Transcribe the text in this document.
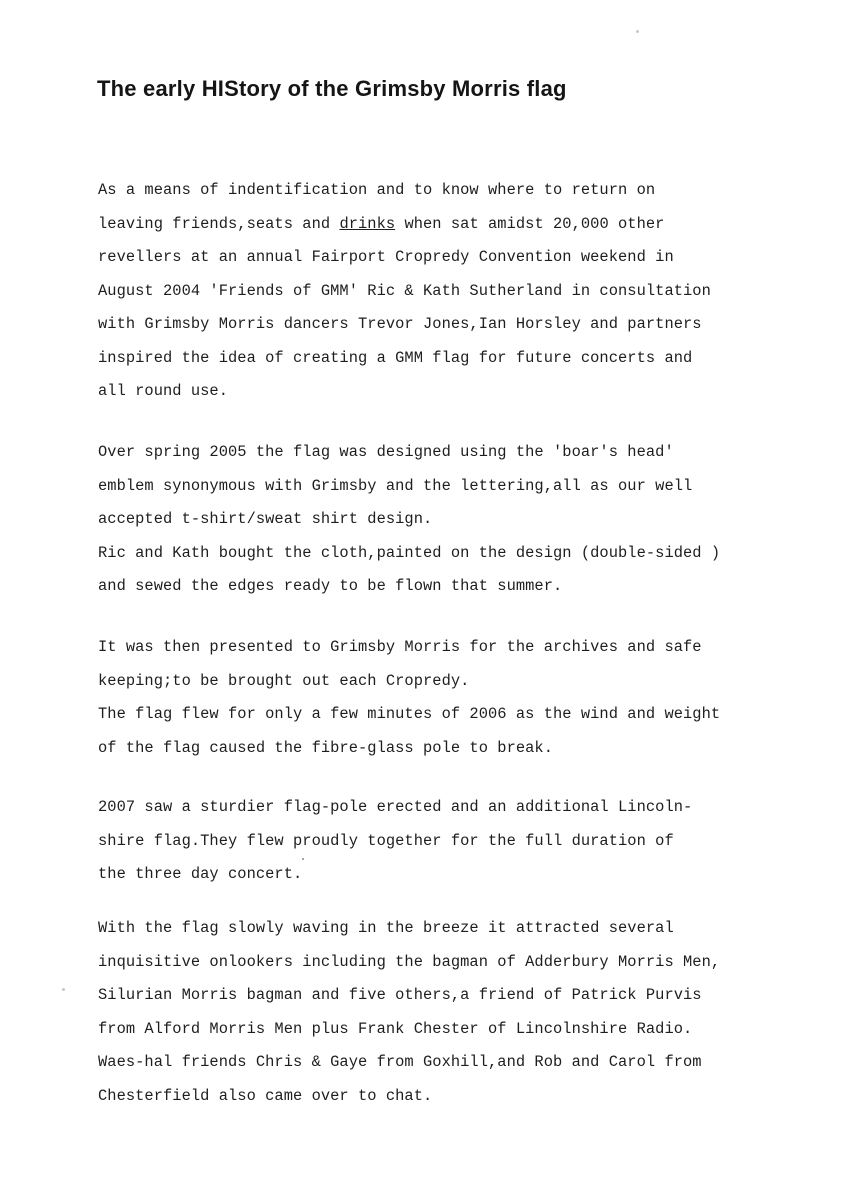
The early HIStory of the Grimsby Morris flag
As a means of indentification and to know where to return on
leaving friends,seats and drinks when sat amidst 20,000 other
revellers at an annual Fairport Cropredy Convention weekend in
August 2004 'Friends of GMM' Ric & Kath Sutherland in consultation
with Grimsby Morris dancers Trevor Jones,Ian Horsley and partners
inspired the idea of creating a GMM flag for future concerts and
all round use.
Over spring 2005 the flag was designed using the 'boar's head'
emblem synonymous with Grimsby and the lettering,all as our well
accepted t-shirt/sweat shirt design.
Ric and Kath bought the cloth,painted on the design (double-sided )
and sewed the edges ready to be flown that summer.
It was then presented to Grimsby Morris for the archives and safe
keeping;to be brought out each Cropredy.
The flag flew for only a few minutes of 2006 as the wind and weight
of the flag caused the fibre-glass pole to break.
2007 saw a sturdier flag-pole erected and an additional Lincoln-
shire flag.They flew proudly together for the full duration of
the three day concert.
With the flag slowly waving in the breeze it attracted several
inquisitive onlookers including the bagman of Adderbury Morris Men,
Silurian Morris bagman and five others,a friend of Patrick Purvis
from Alford Morris Men plus Frank Chester of Lincolnshire Radio.
Waes-hal friends Chris & Gaye from Goxhill,and Rob and Carol from
Chesterfield also came over to chat.
